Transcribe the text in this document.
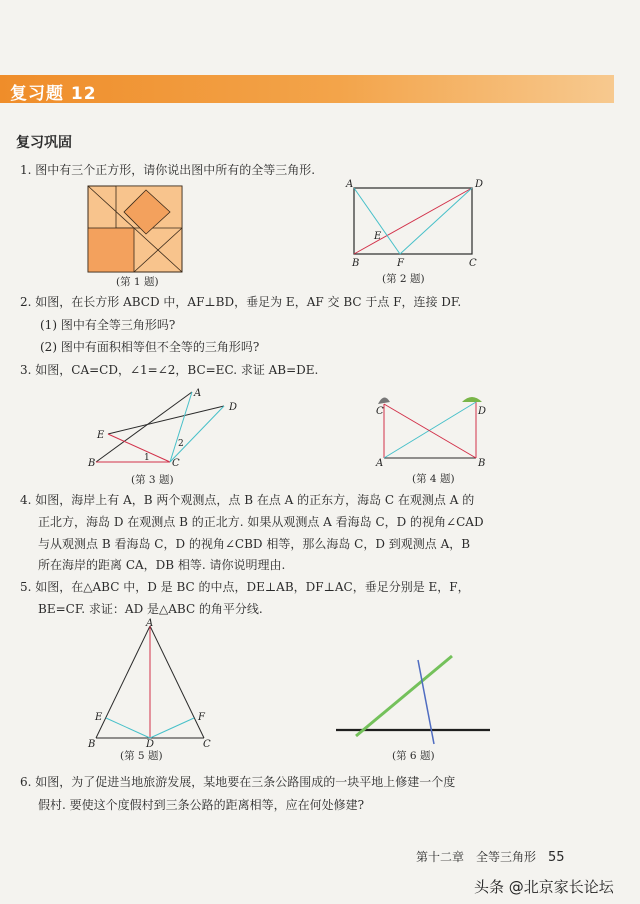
复习题 12
复习巩固
1. 图中有三个正方形，请你说出图中所有的全等三角形.
(第 1 题)
A	D
E
B	F	C
(第 2 题)
2. 如图，在长方形 ABCD 中，AF⊥BD，垂足为 E，AF 交 BC 于点 F，连接 DF.
(1) 图中有全等三角形吗?
(2) 图中有面积相等但不全等的三角形吗?
3. 如图，CA=CD，∠1=∠2，BC=EC. 求证 AB=DE.
D
E
B	C
A
1
2
(第 3 题)
C	D
A	B
(第 4 题)
4. 如图，海岸上有 A，B 两个观测点，点 B 在点 A 的正东方，海岛 C 在观测点 A 的
正北方，海岛 D 在观测点 B 的正北方. 如果从观测点 A 看海岛 C，D 的视角∠CAD
与从观测点 B 看海岛 C，D 的视角∠CBD 相等，那么海岛 C，D 到观测点 A，B
所在海岸的距离 CA，DB 相等. 请你说明理由.
5. 如图，在△ABC 中，D 是 BC 的中点，DE⊥AB，DF⊥AC，垂足分别是 E，F，
BE=CF. 求证：AD 是△ABC 的角平分线.
A
E	F
B	D	C
(第 5 题)	(第 6 题)
6. 如图，为了促进当地旅游发展，某地要在三条公路围成的一块平地上修建一个度
假村. 要使这个度假村到三条公路的距离相等，应在何处修建?
第十二章　全等三角形 55
头条 @北京家长论坛
